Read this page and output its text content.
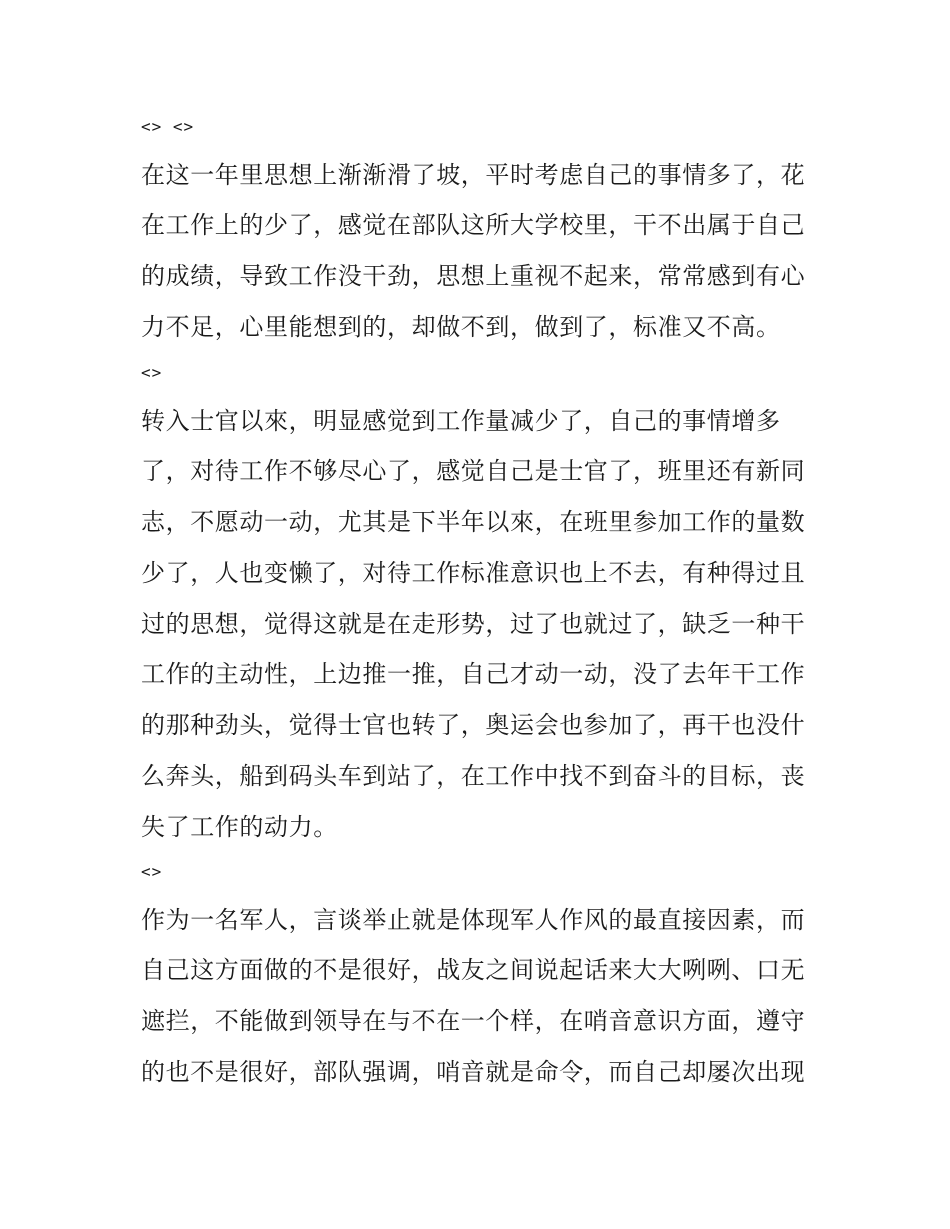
<> <>
在这一年里思想上渐渐滑了坡，平时考虑自己的事情多了，花
在工作上的少了，感觉在部队这所大学校里，干不出属于自己
的成绩，导致工作没干劲，思想上重视不起来，常常感到有心
力不足，心里能想到的，却做不到，做到了，标准又不高。
<>
转入士官以來，明显感觉到工作量减少了，自己的事情增多
了，对待工作不够尽心了，感觉自己是士官了，班里还有新同
志，不愿动一动，尤其是下半年以來，在班里参加工作的量数
少了，人也变懒了，对待工作标准意识也上不去，有种得过且
过的思想，觉得这就是在走形势，过了也就过了，缺乏一种干
工作的主动性，上边推一推，自己才动一动，没了去年干工作
的那种劲头，觉得士官也转了，奥运会也参加了，再干也没什
么奔头，船到码头车到站了，在工作中找不到奋斗的目标，丧
失了工作的动力。
<>
作为一名军人，言谈举止就是体现军人作风的最直接因素，而
自己这方面做的不是很好，战友之间说起话来大大咧咧、口无
遮拦，不能做到领导在与不在一个样，在哨音意识方面，遵守
的也不是很好，部队强调，哨音就是命令，而自己却屡次出现
